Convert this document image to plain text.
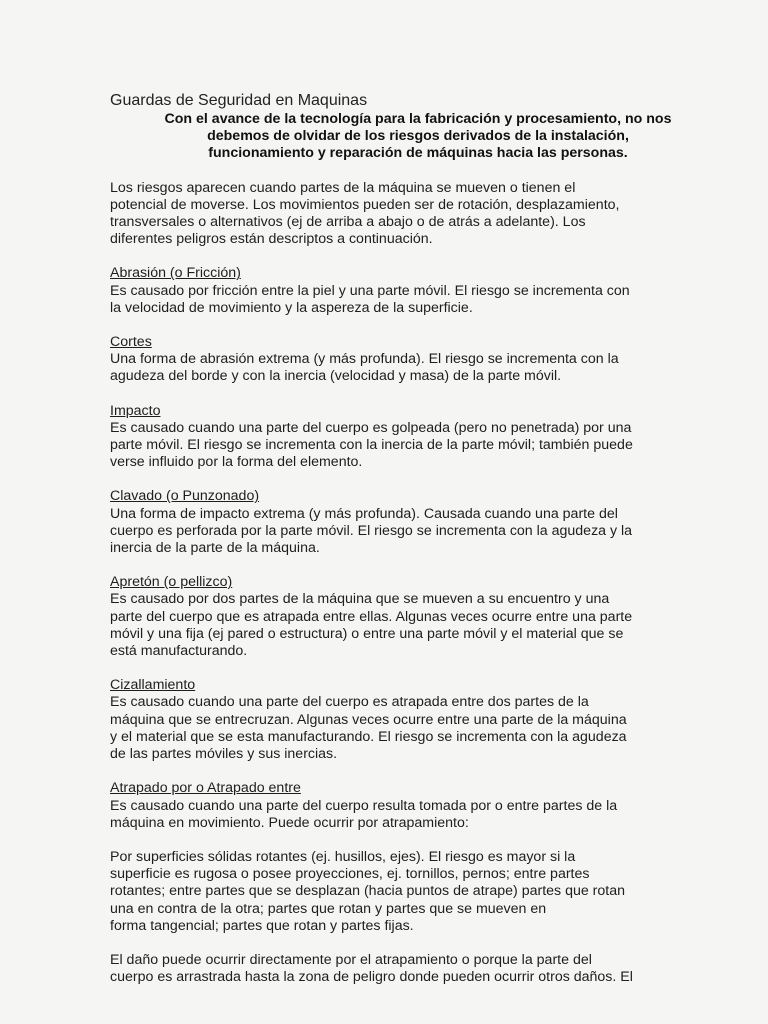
Guardas de Seguridad en Maquinas

Con el avance de la tecnología para la fabricación y procesamiento, no nos
debemos de olvidar de los riesgos derivados de la instalación,
funcionamiento y reparación de máquinas hacia las personas.

Los riesgos aparecen cuando partes de la máquina se mueven o tienen el
potencial de moverse. Los movimientos pueden ser de rotación, desplazamiento,
transversales o alternativos (ej de arriba a abajo o de atrás a adelante). Los
diferentes peligros están descriptos a continuación.

Abrasión (o Fricción)

Es causado por fricción entre la piel y una parte móvil. El riesgo se incrementa con
la velocidad de movimiento y la aspereza de la superficie.

Cortes

Una forma de abrasión extrema (y más profunda). El riesgo se incrementa con la
agudeza del borde y con la inercia (velocidad y masa) de la parte móvil.

Impacto

Es causado cuando una parte del cuerpo es golpeada (pero no penetrada) por una
parte móvil. El riesgo se incrementa con la inercia de la parte móvil; también puede
verse influido por la forma del elemento.

Clavado (o Punzonado)

Una forma de impacto extrema (y más profunda). Causada cuando una parte del
cuerpo es perforada por la parte móvil. El riesgo se incrementa con la agudeza y la
inercia de la parte de la máquina.

Apretón (o pellizco)

Es causado por dos partes de la máquina que se mueven a su encuentro y una
parte del cuerpo que es atrapada entre ellas. Algunas veces ocurre entre una parte
móvil y una fija (ej pared o estructura) o entre una parte móvil y el material que se
está manufacturando.

Cizallamiento

Es causado cuando una parte del cuerpo es atrapada entre dos partes de la
máquina que se entrecruzan. Algunas veces ocurre entre una parte de la máquina
y el material que se esta manufacturando. El riesgo se incrementa con la agudeza
de las partes móviles y sus inercias.

Atrapado por o Atrapado entre

Es causado cuando una parte del cuerpo resulta tomada por o entre partes de la
máquina en movimiento. Puede ocurrir por atrapamiento:

Por superficies sólidas rotantes (ej. husillos, ejes). El riesgo es mayor si la
superficie es rugosa o posee proyecciones, ej. tornillos, pernos; entre partes
rotantes; entre partes que se desplazan (hacia puntos de atrape) partes que rotan
una en contra de la otra; partes que rotan y partes que se mueven en
forma tangencial; partes que rotan y partes fijas.

El daño puede ocurrir directamente por el atrapamiento o porque la parte del
cuerpo es arrastrada hasta la zona de peligro donde pueden ocurrir otros daños. El
